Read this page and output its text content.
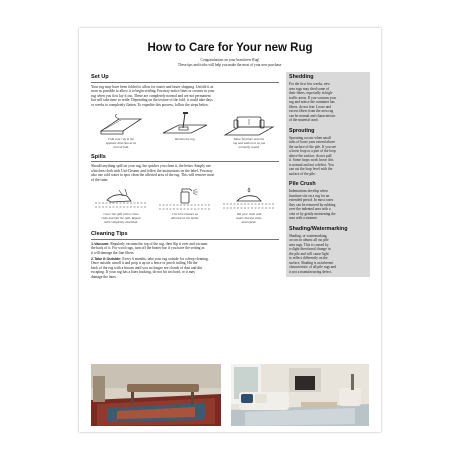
How to Care for Your new Rug
Congratulations on your brand new Rug!
These tips and tricks will help you make the most of your new purchase.
Set Up
Your rug may have been folded to allow for easier and faster shipping. Unfold it as
soon as possible to allow it to begin settling.You may notice lines or creases in your
rug when you first lay it out. These are completely normal and are not permanent
but will take time to settle. Depending on the texture of the fold, it could take days
or weeks to completely flatten. To expedite this process, follow the steps below.
Fold your rug in the
opposite direction as its
current fold.
Vacuum the rug.	Move furniture onto the
rug and walk on it as you
normally would.
Spills
Should anything spill on your rug, the quicker you clean it, the better. Simply use
a kitchen cloth with Uni-Cleaner and follow the instructions on the label. You may
also use cold water to spot clean the affected area of the rug. This will remove most
of the stain.
Cover the spill with a clean
cloth and blot the spill. Repeat
until completely absorbed.
Use Uni-Cleaner as
directed on the bottle.
Wet your cloth with
water, blot the stain,
and repeat.
Cleaning Tips
1.Vacuum: Regularly vacuum the top of the rug, then flip it over and vacuum
the back of it. For wool rugs, turn off the beater bar if you have the setting as
it will damage the fine fibers.
2.Take It Outside: Every 6 months, take your rug outside for a deep cleaning.
Once outside, unroll it and prop it up on a fence or porch railing. Hit the
back of the rug with a broom until you no longer see clouds of dust and dirt
escaping. If your rug has a latex backing, do not hit too hard, or it may
damage the latex.
Shedding
For the first few weeks, new
area rugs may shed some of
their fibers, especially in high-
traffic areas. If you vacuum your
rug and notice the container has
fibers, do not fear. Loose and
excess fibers from the area rug
can be normal and characteristic
of the material used.
Sprouting
Sprouting occurs when small
tufts of loose yarn extend above
the surface of the pile. If you see
a loose loop or a part of the loop
above the surface, do not pull
it. Some loops work loose; this
is normal and not a defect. You
can cut the loop level with the
surface of the pile.
Pile Crush
Indentations develop when
furniture sits on a rug for an
extended period. In most cases
they can be removed by rubbing
over the indented area with a
coin or by gently moistening the
area with a steamer.
Shading/Watermarking
Shading, or watermarking,
occurs in almost all cut pile
area rugs. This is caused by
a slight directional change in
the pile and will cause light
to reflect differently on the
surface. Shading is an inherent
characteristic of all pile rugs and
is not a manufacturing defect.
